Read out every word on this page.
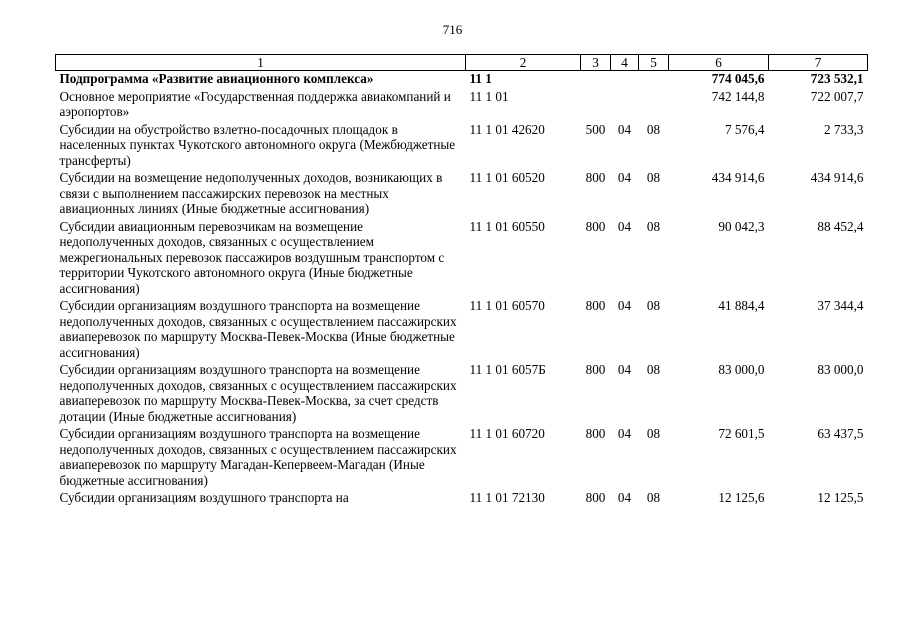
716
1	2	3	4	5	6	7
Подпрограмма «Развитие авиационного комплекса»	11 1				774 045,6	723 532,1
Основное мероприятие «Государственная поддержка авиакомпаний и аэропортов»	11 1 01				742 144,8	722 007,7
Субсидии на обустройство взлетно-посадочных площадок в населенных пунктах Чукотского автономного округа (Межбюджетные трансферты)	11 1 01 42620	500	04	08	7 576,4	2 733,3
Субсидии на возмещение недополученных доходов, возникающих в связи с выполнением пассажирских перевозок на местных авиационных линиях (Иные бюджетные ассигнования)	11 1 01 60520	800	04	08	434 914,6	434 914,6
Субсидии авиационным перевозчикам на возмещение недополученных доходов, связанных с осуществлением межрегиональных перевозок пассажиров воздушным транспортом с территории Чукотского автономного округа (Иные бюджетные ассигнования)	11 1 01 60550	800	04	08	90 042,3	88 452,4
Субсидии организациям воздушного транспорта на возмещение недополученных доходов, связанных с осуществлением пассажирских авиаперевозок по маршруту Москва-Певек-Москва (Иные бюджетные ассигнования)	11 1 01 60570	800	04	08	41 884,4	37 344,4
Субсидии организациям воздушного транспорта на возмещение недополученных доходов, связанных с осуществлением пассажирских авиаперевозок по маршруту Москва-Певек-Москва, за счет средств дотации (Иные бюджетные ассигнования)	11 1 01 6057Б	800	04	08	83 000,0	83 000,0
Субсидии организациям воздушного транспорта на возмещение недополученных доходов, связанных с осуществлением пассажирских авиаперевозок по маршруту Магадан-Кепервеем-Магадан (Иные бюджетные ассигнования)	11 1 01 60720	800	04	08	72 601,5	63 437,5
Субсидии организациям воздушного транспорта на	11 1 01 72130	800	04	08	12 125,6	12 125,5
